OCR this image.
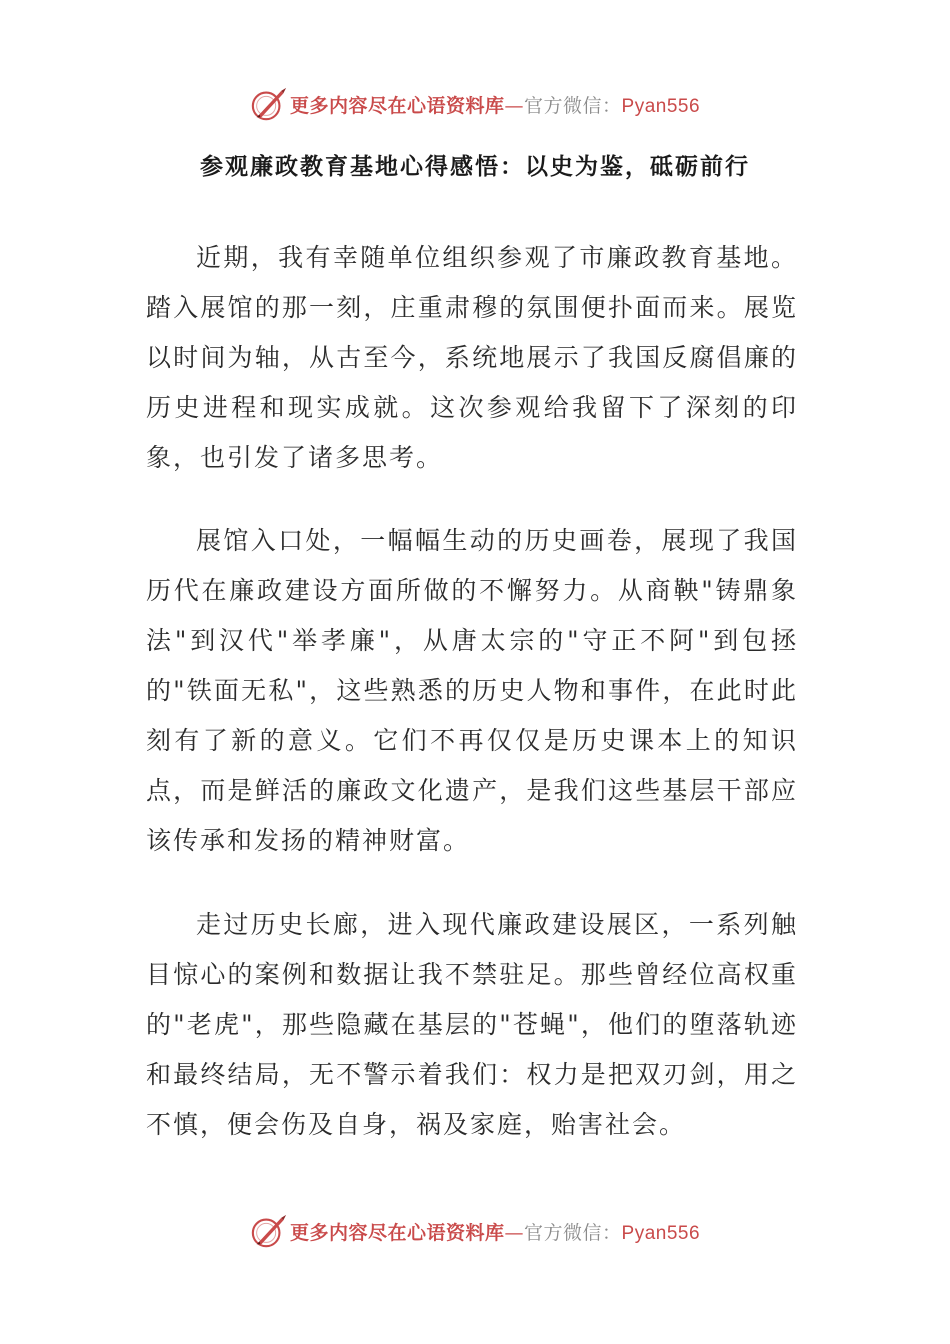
更多内容尽在心语资料库—官方微信：Pyan556
参观廉政教育基地心得感悟：以史为鉴，砥砺前行

近期，我有幸随单位组织参观了市廉政教育基地。踏入展馆的那一刻，庄重肃穆的氛围便扑面而来。展览以时间为轴，从古至今，系统地展示了我国反腐倡廉的历史进程和现实成就。这次参观给我留下了深刻的印象，也引发了诸多思考。

展馆入口处，一幅幅生动的历史画卷，展现了我国历代在廉政建设方面所做的不懈努力。从商鞅"铸鼎象法"到汉代"举孝廉"，从唐太宗的"守正不阿"到包拯的"铁面无私"，这些熟悉的历史人物和事件，在此时此刻有了新的意义。它们不再仅仅是历史课本上的知识点，而是鲜活的廉政文化遗产，是我们这些基层干部应该传承和发扬的精神财富。

走过历史长廊，进入现代廉政建设展区，一系列触目惊心的案例和数据让我不禁驻足。那些曾经位高权重的"老虎"，那些隐藏在基层的"苍蝇"，他们的堕落轨迹和最终结局，无不警示着我们：权力是把双刃剑，用之不慎，便会伤及自身，祸及家庭，贻害社会。

更多内容尽在心语资料库—官方微信：Pyan556
